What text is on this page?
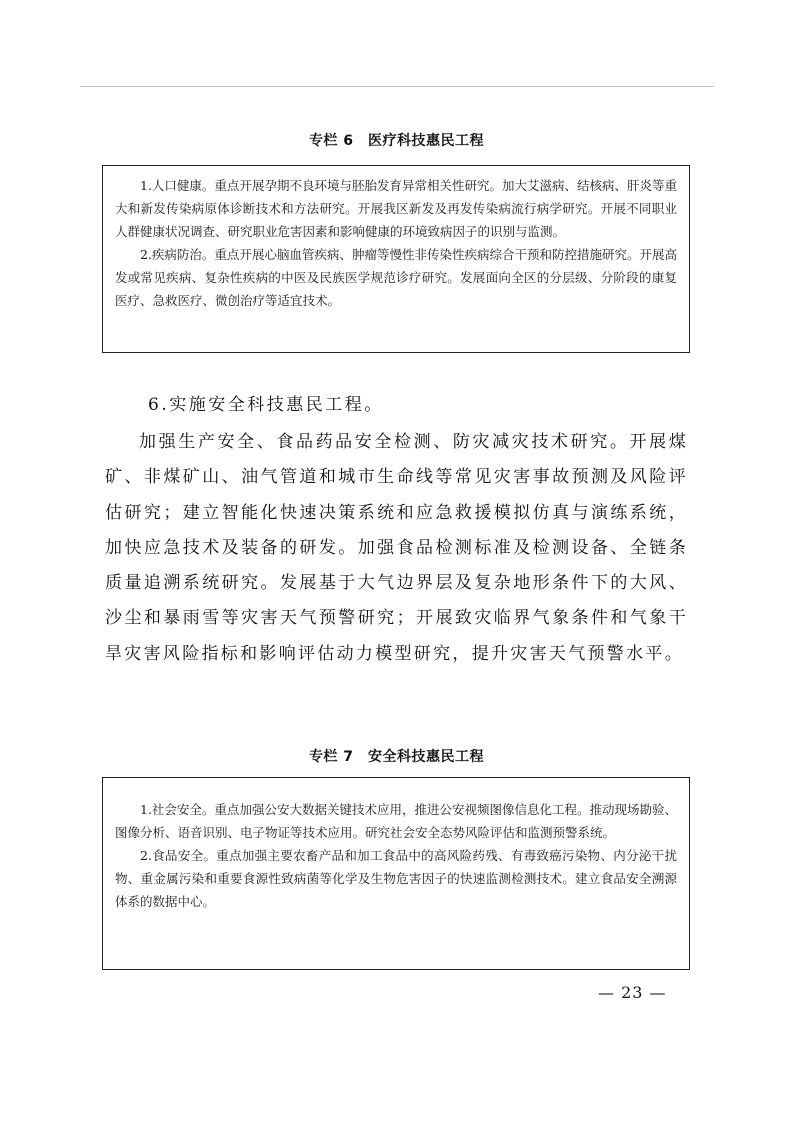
专栏 6　医疗科技惠民工程

1.人口健康。重点开展孕期不良环境与胚胎发育异常相关性研究。加大艾滋病、结核病、肝炎等重大和新发传染病原体诊断技术和方法研究。开展我区新发及再发传染病流行病学研究。开展不同职业人群健康状况调查、研究职业危害因素和影响健康的环境致病因子的识别与监测。

2.疾病防治。重点开展心脑血管疾病、肿瘤等慢性非传染性疾病综合干预和防控措施研究。开展高发或常见疾病、复杂性疾病的中医及民族医学规范诊疗研究。发展面向全区的分层级、分阶段的康复医疗、急救医疗、微创治疗等适宜技术。

6.实施安全科技惠民工程。

加强生产安全、食品药品安全检测、防灾减灾技术研究。开展煤矿、非煤矿山、油气管道和城市生命线等常见灾害事故预测及风险评估研究；建立智能化快速决策系统和应急救援模拟仿真与演练系统，加快应急技术及装备的研发。加强食品检测标准及检测设备、全链条质量追溯系统研究。发展基于大气边界层及复杂地形条件下的大风、沙尘和暴雨雪等灾害天气预警研究；开展致灾临界气象条件和气象干旱灾害风险指标和影响评估动力模型研究，提升灾害天气预警水平。

专栏 7　安全科技惠民工程

1.社会安全。重点加强公安大数据关键技术应用，推进公安视频图像信息化工程。推动现场勘验、图像分析、语音识别、电子物证等技术应用。研究社会安全态势风险评估和监测预警系统。

2.食品安全。重点加强主要农畜产品和加工食品中的高风险药残、有毒致癌污染物、内分泌干扰物、重金属污染和重要食源性致病菌等化学及生物危害因子的快速监测检测技术。建立食品安全溯源体系的数据中心。

— 23 —
